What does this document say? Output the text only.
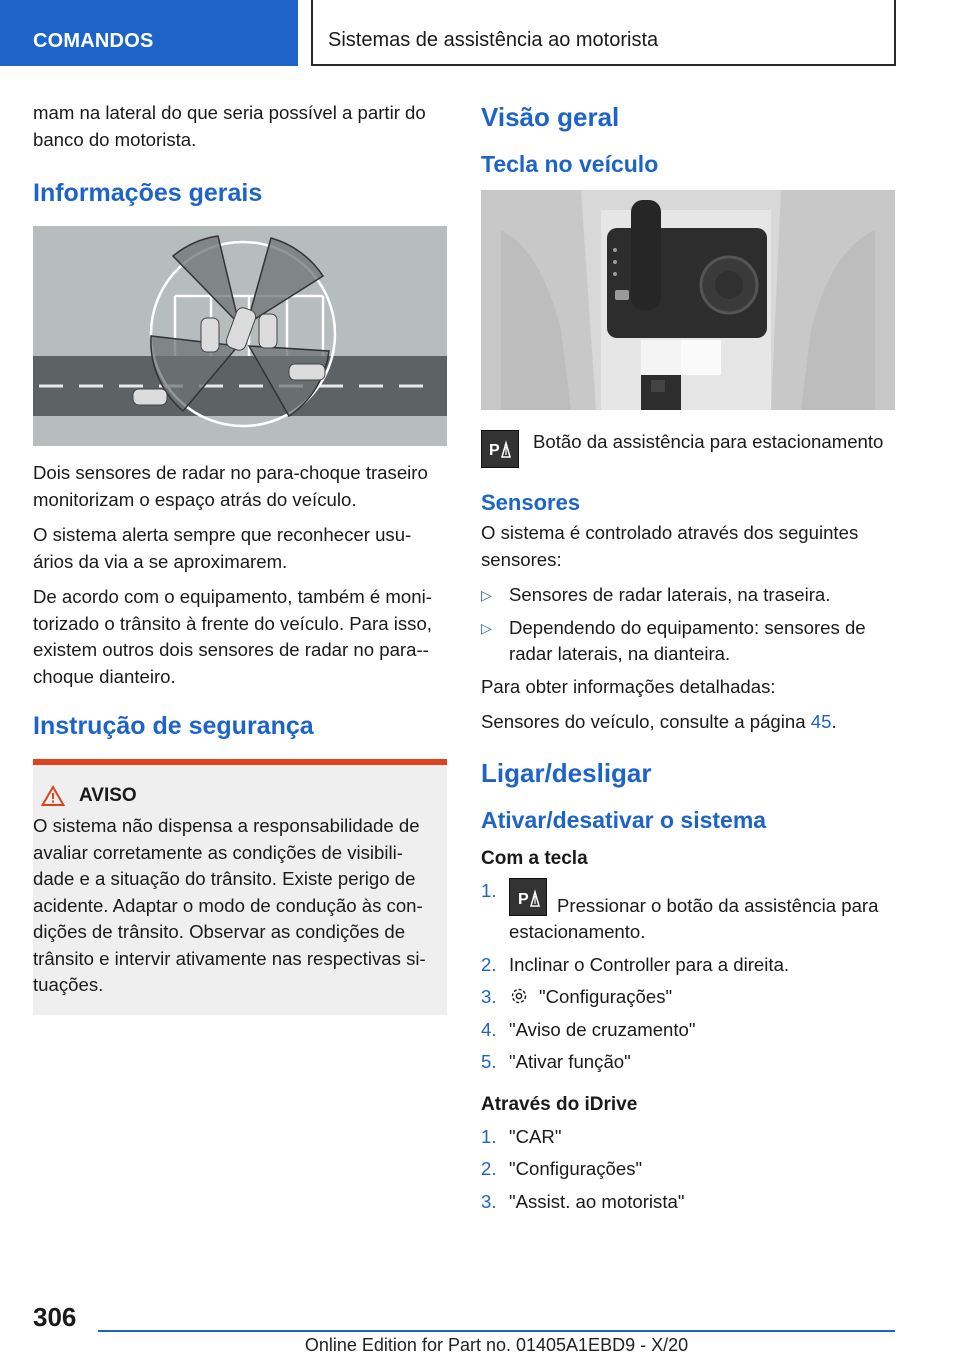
COMANDOS	Sistemas de assistência ao motorista

mam na lateral do que seria possível a partir do banco do motorista.

Informações gerais

Dois sensores de radar no para-choque traseiro monitorizam o espaço atrás do veículo.

O sistema alerta sempre que reconhecer usu-ários da via a se aproximarem.

De acordo com o equipamento, também é moni-torizado o trânsito à frente do veículo. Para isso, existem outros dois sensores de radar no para--choque dianteiro.

Instrução de segurança
AVISO

O sistema não dispensa a responsabilidade de avaliar corretamente as condições de visibili-dade e a situação do trânsito. Existe perigo de acidente. Adaptar o modo de condução às con-dições de trânsito. Observar as condições de trânsito e intervir ativamente nas respectivas si-tuações.

Visão geral
Tecla no veículo
P Botão da assistência para estacionamento
Sensores

O sistema é controlado através dos seguintes sensores:

▷ Sensores de radar laterais, na traseira.
▷ Dependendo do equipamento: sensores de radar laterais, na dianteira.

Para obter informações detalhadas:

Sensores do veículo, consulte a página 45.

Ligar/desligar
Ativar/desativar o sistema
Com a tecla
1.	P Pressionar o botão da assistência para estacionamento.
2. Inclinar o Controller para a direita.
3.	"Configurações"
4. "Aviso de cruzamento"
5. "Ativar função"
Através do iDrive
1. "CAR"
2. "Configurações"
3. "Assist. ao motorista"
306
Online Edition for Part no. 01405A1EBD9 - X/20
